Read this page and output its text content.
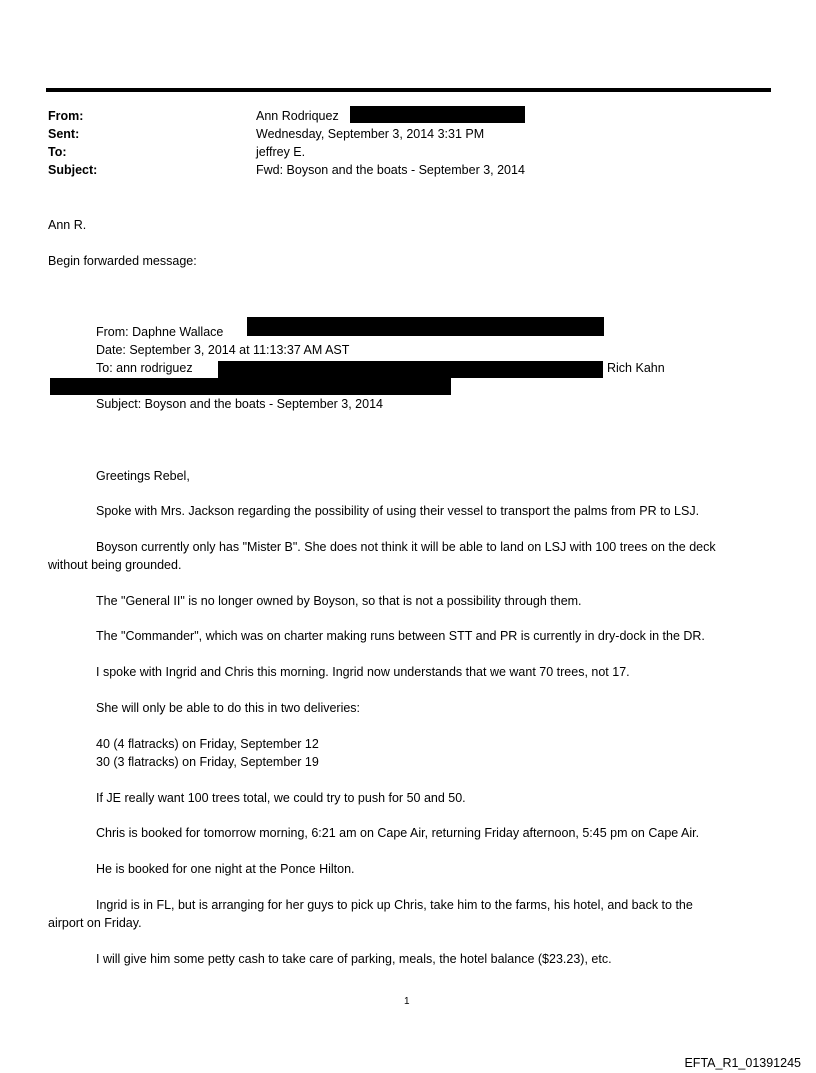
From:	Ann Rodriquez
Sent:	Wednesday, September 3, 2014 3:31 PM
To:	jeffrey E.
Subject:	Fwd: Boyson and the boats - September 3, 2014
Ann R.
Begin forwarded message:
From: Daphne Wallace
Date: September 3, 2014 at 11:13:37 AM AST
To: ann rodriguez	Rich Kahn
Subject: Boyson and the boats - September 3, 2014
Greetings Rebel,
Spoke with Mrs. Jackson regarding the possibility of using their vessel to transport the palms from PR to LSJ.
Boyson currently only has "Mister B". She does not think it will be able to land on LSJ with 100 trees on the deck
without being grounded.
The "General II" is no longer owned by Boyson, so that is not a possibility through them.
The "Commander", which was on charter making runs between STT and PR is currently in dry-dock in the DR.
I spoke with Ingrid and Chris this morning. Ingrid now understands that we want 70 trees, not 17.
She will only be able to do this in two deliveries:
40 (4 flatracks) on Friday, September 12
30 (3 flatracks) on Friday, September 19
If JE really want 100 trees total, we could try to push for 50 and 50.
Chris is booked for tomorrow morning, 6:21 am on Cape Air, returning Friday afternoon, 5:45 pm on Cape Air.
He is booked for one night at the Ponce Hilton.
Ingrid is in FL, but is arranging for her guys to pick up Chris, take him to the farms, his hotel, and back to the
airport on Friday.
I will give him some petty cash to take care of parking, meals, the hotel balance ($23.23), etc.
1
EFTA_R1_01391245
